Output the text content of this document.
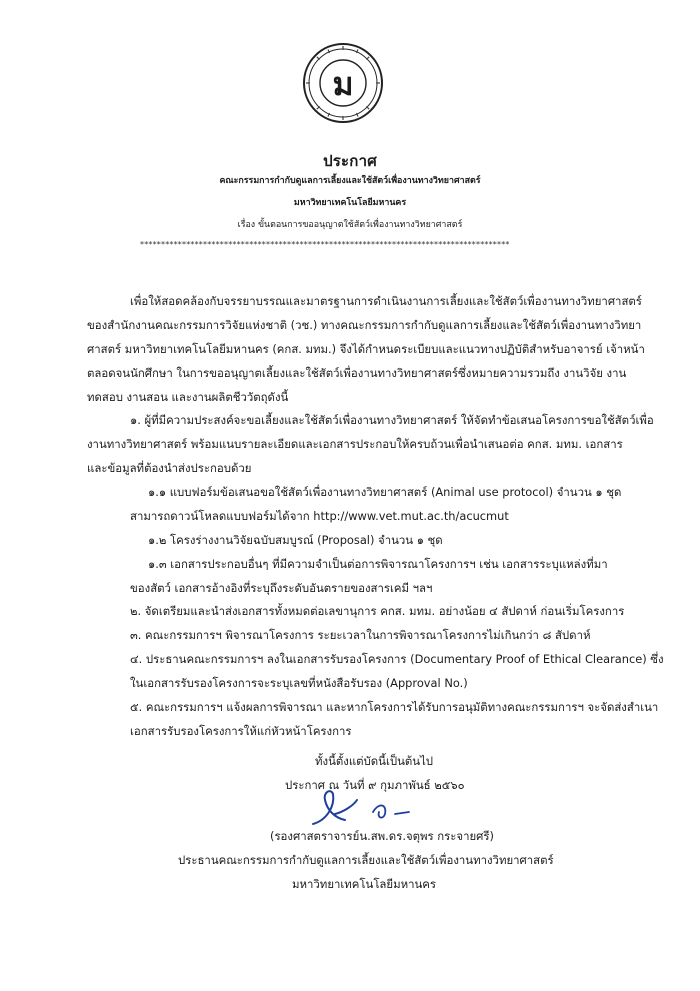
ม
ประกาศ
คณะกรรมการกำกับดูแลการเลี้ยงและใช้สัตว์เพื่องานทางวิทยาศาสตร์
มหาวิทยาเทคโนโลยีมหานคร
เรื่อง ขั้นตอนการขออนุญาตใช้สัตว์เพื่องานทางวิทยาศาสตร์
****************************************************************************************
เพื่อให้สอดคล้องกับจรรยาบรรณและมาตรฐานการดำเนินงานการเลี้ยงและใช้สัตว์เพื่องานทางวิทยาศาสตร์
ของสำนักงานคณะกรรมการวิจัยแห่งชาติ (วช.) ทางคณะกรรมการกำกับดูแลการเลี้ยงและใช้สัตว์เพื่องานทางวิทยา
ศาสตร์ มหาวิทยาเทคโนโลยีมหานคร (คกส. มทม.) จึงได้กำหนดระเบียบและแนวทางปฏิบัติสำหรับอาจารย์ เจ้าหน้า
ตลอดจนนักศึกษา ในการขออนุญาตเลี้ยงและใช้สัตว์เพื่องานทางวิทยาศาสตร์ซึ่งหมายความรวมถึง งานวิจัย งาน
ทดสอบ งานสอน และงานผลิตชีววัตถุดังนี้
๑. ผู้ที่มีความประสงค์จะขอเลี้ยงและใช้สัตว์เพื่องานทางวิทยาศาสตร์ ให้จัดทำข้อเสนอโครงการขอใช้สัตว์เพื่อ
งานทางวิทยาศาสตร์ พร้อมแนบรายละเอียดและเอกสารประกอบให้ครบถ้วนเพื่อนำเสนอต่อ คกส. มทม. เอกสาร
และข้อมูลที่ต้องนำส่งประกอบด้วย
๑.๑ แบบฟอร์มข้อเสนอขอใช้สัตว์เพื่องานทางวิทยาศาสตร์ (Animal use protocol) จำนวน ๑ ชุด
สามารถดาวน์โหลดแบบฟอร์มได้จาก http://www.vet.mut.ac.th/acucmut
๑.๒ โครงร่างงานวิจัยฉบับสมบูรณ์ (Proposal) จำนวน ๑ ชุด
๑.๓ เอกสารประกอบอื่นๆ ที่มีความจำเป็นต่อการพิจารณาโครงการฯ เช่น เอกสารระบุแหล่งที่มา
ของสัตว์ เอกสารอ้างอิงที่ระบุถึงระดับอันตรายของสารเคมี ฯลฯ
๒. จัดเตรียมและนำส่งเอกสารทั้งหมดต่อเลขานุการ คกส. มทม. อย่างน้อย ๔ สัปดาห์ ก่อนเริ่มโครงการ
๓. คณะกรรมการฯ พิจารณาโครงการ ระยะเวลาในการพิจารณาโครงการไม่เกินกว่า ๘ สัปดาห์
๔. ประธานคณะกรรมการฯ ลงในเอกสารรับรองโครงการ (Documentary Proof of Ethical Clearance) ซึ่ง
ในเอกสารรับรองโครงการจะระบุเลขที่หนังสือรับรอง (Approval No.)
๕. คณะกรรมการฯ แจ้งผลการพิจารณา และหากโครงการได้รับการอนุมัติทางคณะกรรมการฯ จะจัดส่งสำเนา
เอกสารรับรองโครงการให้แก่หัวหน้าโครงการ
ทั้งนี้ตั้งแต่บัดนี้เป็นต้นไป
ประกาศ ณ วันที่ ๙ กุมภาพันธ์ ๒๕๖๐
(รองศาสตราจารย์น.สพ.ดร.จตุพร กระจายศรี)
ประธานคณะกรรมการกำกับดูแลการเลี้ยงและใช้สัตว์เพื่องานทางวิทยาศาสตร์
มหาวิทยาเทคโนโลยีมหานคร
